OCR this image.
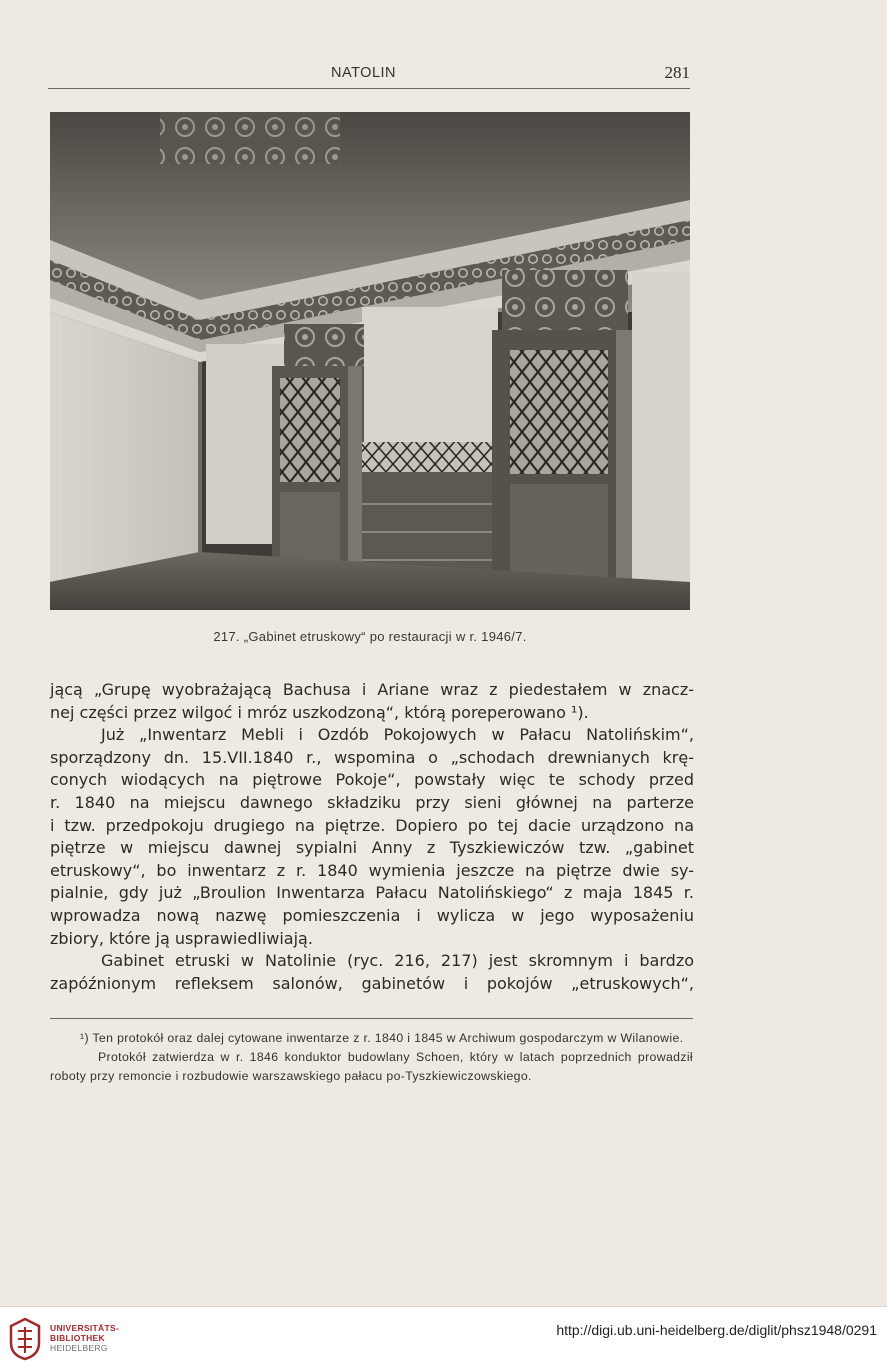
NATOLIN	281
217. „Gabinet etruskowy“ po restauracji w r. 1946/7.

jącą „Grupę wyobrażającą Bachusa i Ariane wraz z piedestałem w znacz-

nej części przez wilgoć i mróz uszkodzoną“, którą poreperowano ¹).

Już „Inwentarz Mebli i Ozdób Pokojowych w Pałacu Natolińskim“,

sporządzony dn. 15.VII.1840 r., wspomina o „schodach drewnianych krę-

conych wiodących na piętrowe Pokoje“, powstały więc te schody przed

r. 1840 na miejscu dawnego składziku przy sieni głównej na parterze

i tzw. przedpokoju drugiego na piętrze. Dopiero po tej dacie urządzono na

piętrze w miejscu dawnej sypialni Anny z Tyszkiewiczów tzw. „gabinet

etruskowy“, bo inwentarz z r. 1840 wymienia jeszcze na piętrze dwie sy-

pialnie, gdy już „Broulion Inwentarza Pałacu Natolińskiego“ z maja 1845 r.

wprowadza nową nazwę pomieszczenia i wylicza w jego wyposażeniu

zbiory, które ją usprawiedliwiają.

Gabinet etruski w Natolinie (ryc. 216, 217) jest skromnym i bardzo

zapóźnionym refleksem salonów, gabinetów i pokojów „etruskowych“,

¹) Ten protokół oraz dalej cytowane inwentarze z r. 1840 i 1845 w Archiwum gospodarczym w Wilanowie.

Protokół zatwierdza w r. 1846 konduktor budowlany Schoen, który w latach poprzednich prowadził roboty przy remoncie i rozbudowie warszawskiego pałacu po-Tyszkiewiczowskiego.

UNIVERSITÄTS-
BIBLIOTHEK
HEIDELBERG
http://digi.ub.uni-heidelberg.de/diglit/phsz1948/0291
